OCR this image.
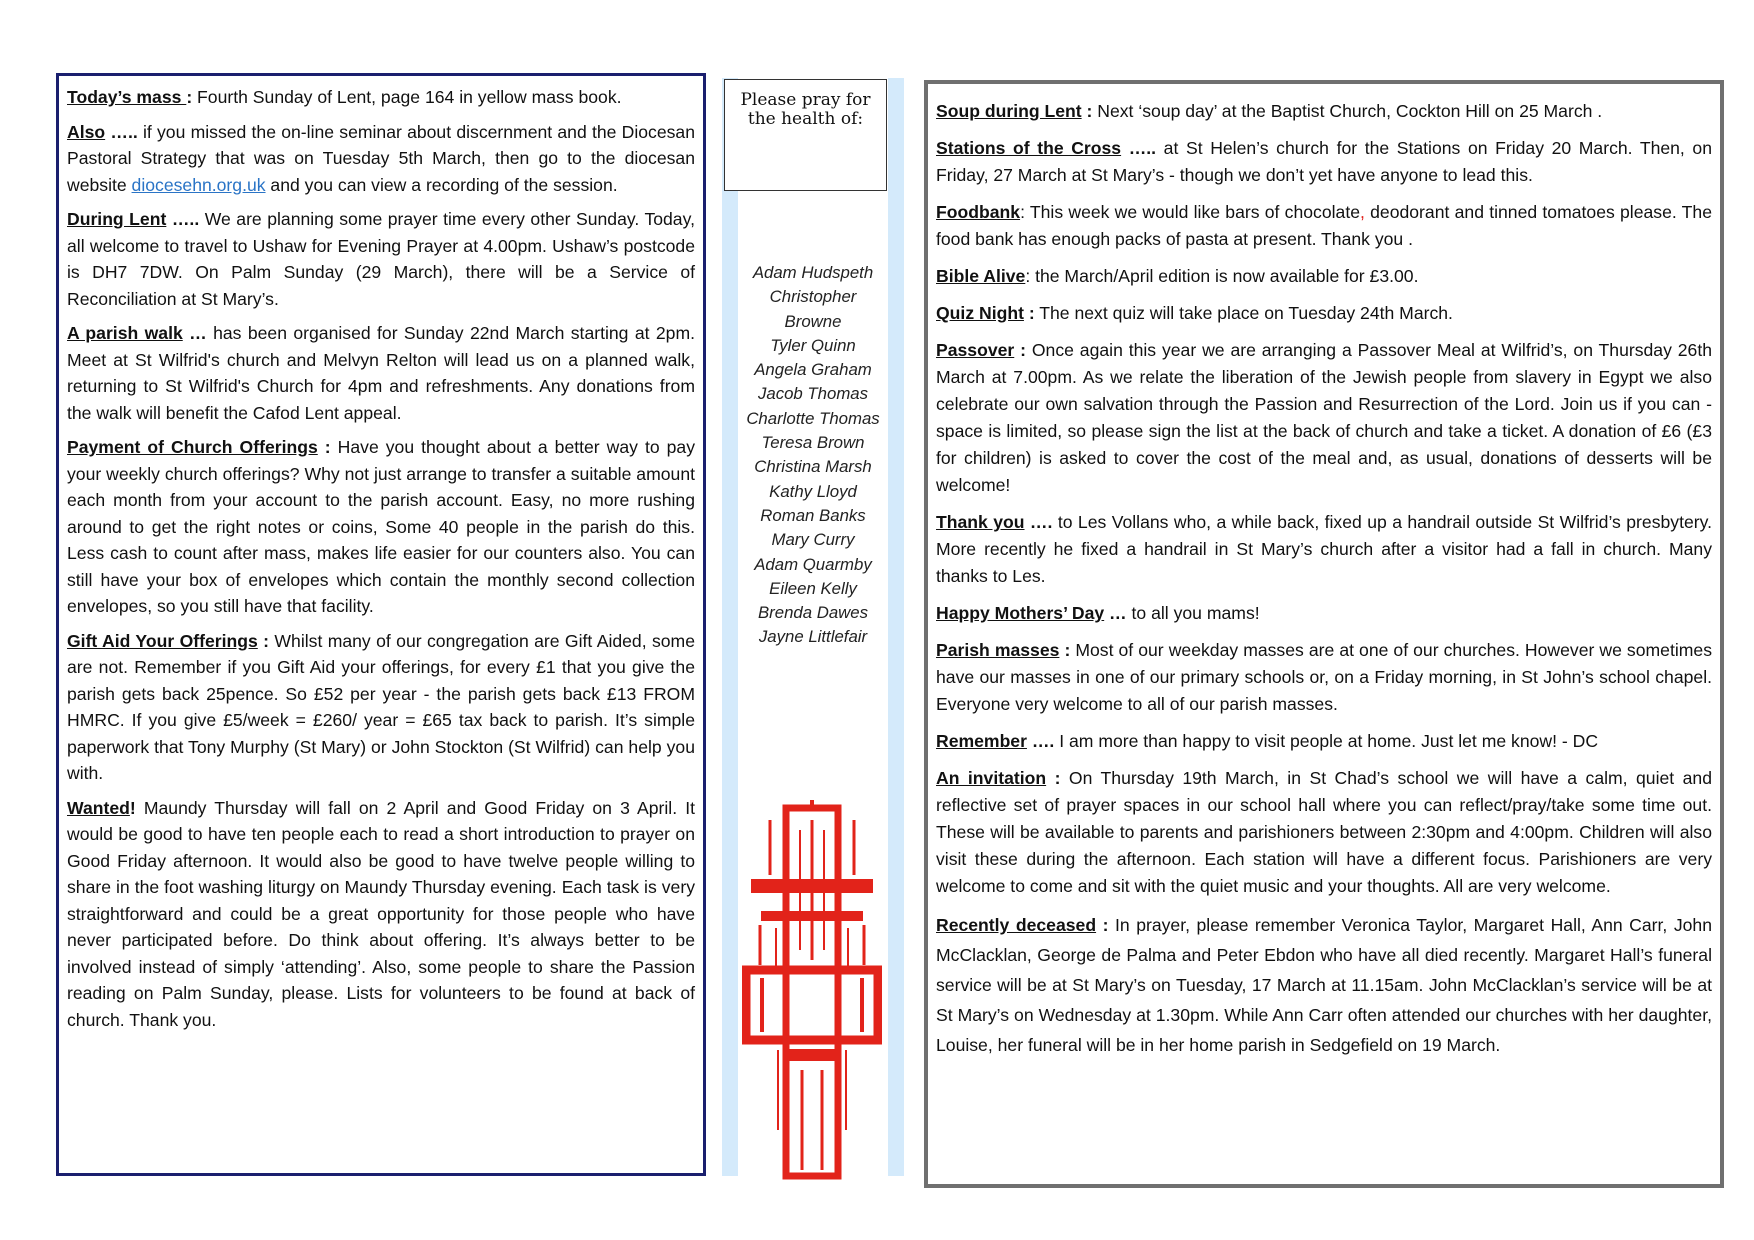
Today’s mass : Fourth Sunday of Lent, page 164 in yellow mass book.

Also ….. if you missed the on-line seminar about discernment and the Diocesan Pastoral Strategy that was on Tuesday 5th March, then go to the diocesan website diocesehn.org.uk and you can view a recording of the session.

During Lent ….. We are planning some prayer time every other Sunday. Today, all welcome to travel to Ushaw for Evening Prayer at 4.00pm. Ushaw’s postcode is DH7 7DW. On Palm Sunday (29 March), there will be a Service of Reconciliation at St Mary’s.

A parish walk … has been organised for Sunday 22nd March starting at 2pm. Meet at St Wilfrid's church and Melvyn Relton will lead us on a planned walk, returning to St Wilfrid's Church for 4pm and refreshments. Any donations from the walk will benefit the Cafod Lent appeal.

Payment of Church Offerings : Have you thought about a better way to pay your weekly church offerings? Why not just arrange to transfer a suitable amount each month from your account to the parish account. Easy, no more rushing around to get the right notes or coins, Some 40 people in the parish do this. Less cash to count after mass, makes life easier for our counters also. You can still have your box of envelopes which contain the monthly second collection envelopes, so you still have that facility.

Gift Aid Your Offerings : Whilst many of our congregation are Gift Aided, some are not. Remember if you Gift Aid your offerings, for every £1 that you give the parish gets back 25pence. So £52 per year - the parish gets back £13 FROM HMRC. If you give £5/week = £260/ year = £65 tax back to parish. It’s simple paperwork that Tony Murphy (St Mary) or John Stockton (St Wilfrid) can help you with.

Wanted! Maundy Thursday will fall on 2 April and Good Friday on 3 April. It would be good to have ten people each to read a short introduction to prayer on Good Friday afternoon. It would also be good to have twelve people willing to share in the foot washing liturgy on Maundy Thursday evening. Each task is very straightforward and could be a great opportunity for those people who have never participated before. Do think about offering. It’s always better to be involved instead of simply ‘attending’. Also, some people to share the Passion reading on Palm Sunday, please. Lists for volunteers to be found at back of church. Thank you.

Please pray for the health of:
Adam Hudspeth
Christopher
Browne
Tyler Quinn
Angela Graham
Jacob Thomas
Charlotte Thomas
Teresa Brown
Christina Marsh
Kathy Lloyd
Roman Banks
Mary Curry
Adam Quarmby
Eileen Kelly
Brenda Dawes
Jayne Littlefair

Soup during Lent : Next ‘soup day’ at the Baptist Church, Cockton Hill on 25 March .

Stations of the Cross ….. at St Helen’s church for the Stations on Friday 20 March. Then, on Friday, 27 March at St Mary’s - though we don’t yet have anyone to lead this.

Foodbank: This week we would like bars of chocolate, deodorant and tinned tomatoes please. The food bank has enough packs of pasta at present. Thank you .

Bible Alive: the March/April edition is now available for £3.00.

Quiz Night : The next quiz will take place on Tuesday 24th March.

Passover : Once again this year we are arranging a Passover Meal at Wilfrid’s, on Thursday 26th March at 7.00pm. As we relate the liberation of the Jewish people from slavery in Egypt we also celebrate our own salvation through the Passion and Resurrection of the Lord. Join us if you can - space is limited, so please sign the list at the back of church and take a ticket. A donation of £6 (£3 for children) is asked to cover the cost of the meal and, as usual, donations of desserts will be welcome!

Thank you …. to Les Vollans who, a while back, fixed up a handrail outside St Wilfrid’s presbytery. More recently he fixed a handrail in St Mary’s church after a visitor had a fall in church. Many thanks to Les.

Happy Mothers’ Day … to all you mams!

Parish masses : Most of our weekday masses are at one of our churches. However we sometimes have our masses in one of our primary schools or, on a Friday morning, in St John’s school chapel. Everyone very welcome to all of our parish masses.

Remember …. I am more than happy to visit people at home. Just let me know! - DC

An invitation : On Thursday 19th March, in St Chad’s school we will have a calm, quiet and reflective set of prayer spaces in our school hall where you can reflect/pray/take some time out. These will be available to parents and parishioners between 2:30pm and 4:00pm. Children will also visit these during the afternoon. Each station will have a different focus. Parishioners are very welcome to come and sit with the quiet music and your thoughts. All are very welcome.

Recently deceased : In prayer, please remember Veronica Taylor, Margaret Hall, Ann Carr, John McClacklan, George de Palma and Peter Ebdon who have all died recently. Margaret Hall’s funeral service will be at St Mary’s on Tuesday, 17 March at 11.15am. John McClacklan’s service will be at St Mary’s on Wednesday at 1.30pm. While Ann Carr often attended our churches with her daughter, Louise, her funeral will be in her home parish in Sedgefield on 19 March.
